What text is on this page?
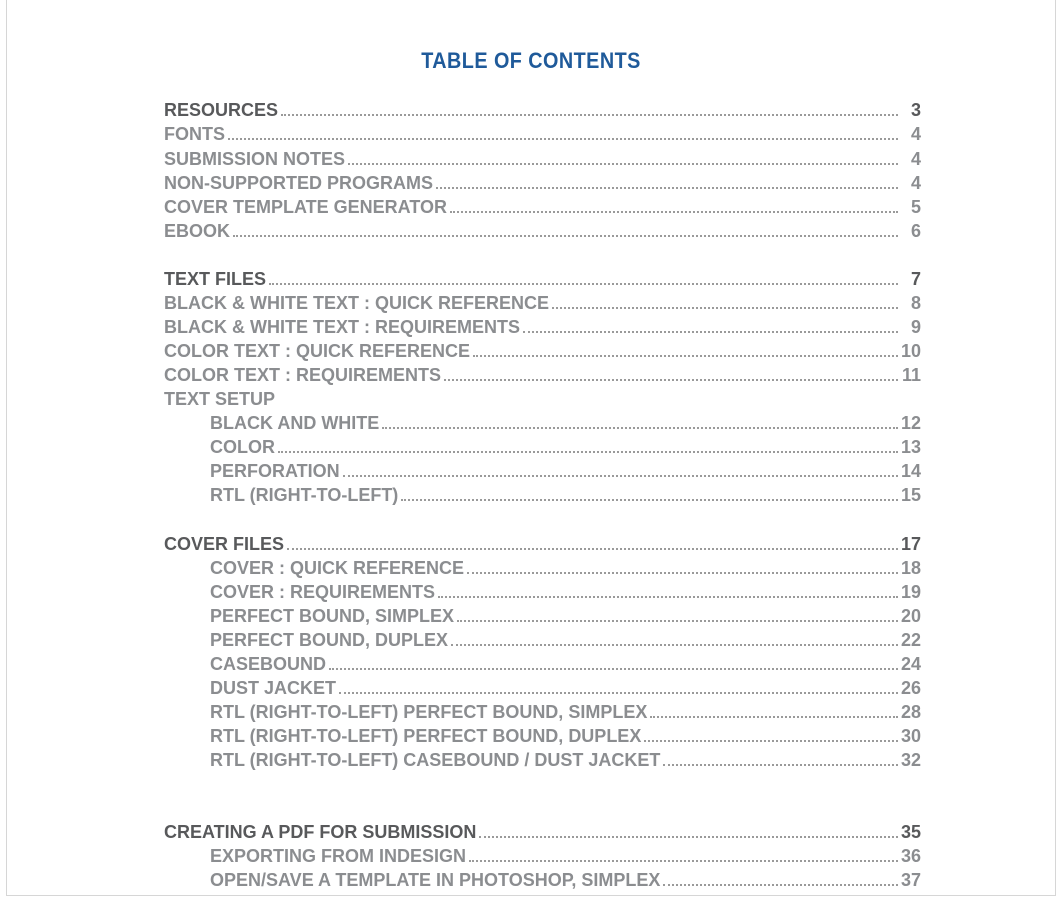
TABLE OF CONTENTS
RESOURCES	3
FONTS	4
SUBMISSION NOTES	4
NON-SUPPORTED PROGRAMS	4
COVER TEMPLATE GENERATOR	5
EBOOK	6
TEXT FILES	7
BLACK & WHITE TEXT : QUICK REFERENCE	8
BLACK & WHITE TEXT : REQUIREMENTS	9
COLOR TEXT : QUICK REFERENCE	10
COLOR TEXT : REQUIREMENTS	11
TEXT SETUP
BLACK AND WHITE	12
COLOR	13
PERFORATION	14
RTL (RIGHT-TO-LEFT)	15
COVER FILES	17
COVER : QUICK REFERENCE	18
COVER : REQUIREMENTS	19
PERFECT BOUND, SIMPLEX	20
PERFECT BOUND, DUPLEX	22
CASEBOUND	24
DUST JACKET	26
RTL (RIGHT-TO-LEFT) PERFECT BOUND, SIMPLEX	28
RTL (RIGHT-TO-LEFT) PERFECT BOUND, DUPLEX	30
RTL (RIGHT-TO-LEFT) CASEBOUND / DUST JACKET	32
CREATING A PDF FOR SUBMISSION	35
EXPORTING FROM INDESIGN	36
OPEN/SAVE A TEMPLATE IN PHOTOSHOP, SIMPLEX	37
